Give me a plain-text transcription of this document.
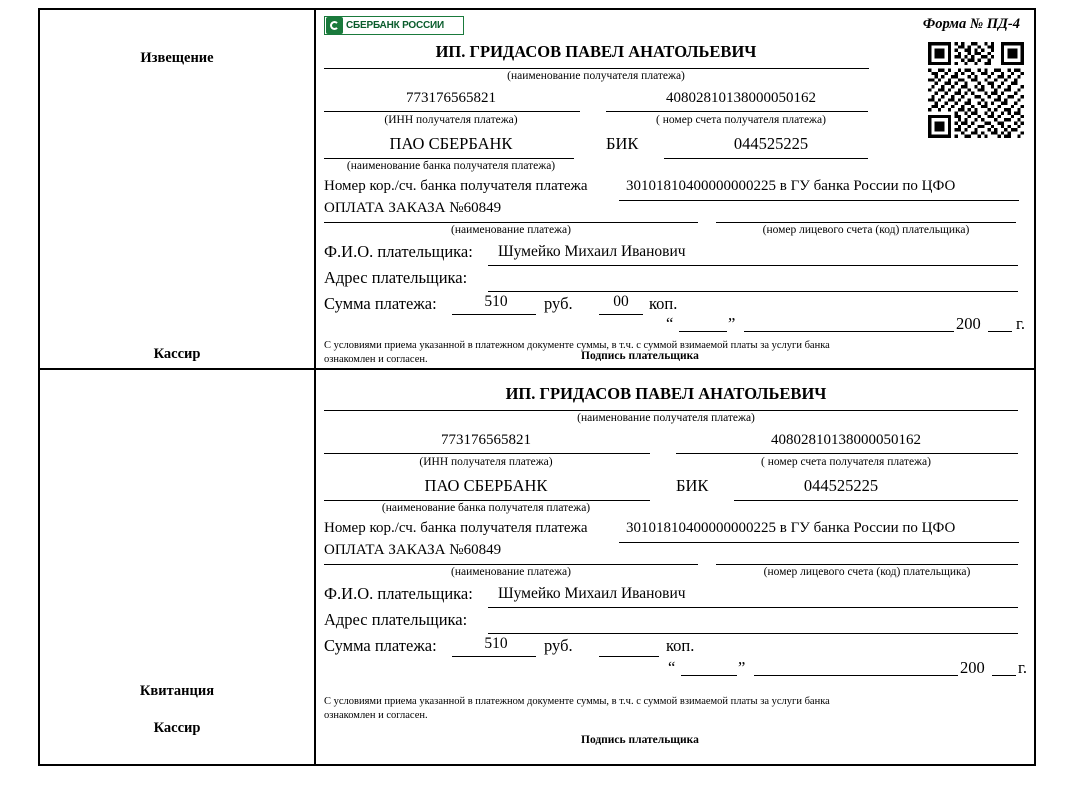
Извещение
Кассир
СБЕРБАНК РОССИИ	Форма № ПД-4
ИП. ГРИДАСОВ ПАВЕЛ АНАТОЛЬЕВИЧ
(наименование получателя платежа)
773176565821	40802810138000050162
(ИНН получателя платежа)	( номер счета получателя платежа)
ПАО СБЕРБАНК	БИК	044525225
(наименование банка получателя платежа)
Номер кор./сч. банка получателя платежа	30101810400000000225 в ГУ банка России по ЦФО
ОПЛАТА ЗАКАЗА №60849
(наименование платежа)	(номер лицевого счета (код) плательщика)
Ф.И.О. плательщика: Шумейко Михаил Иванович
Адрес плательщика:
Сумма платежа:	510	руб.	00	коп.
“	”	200 г.
С условиями приема указанной в платежном документе суммы, в т.ч. с суммой взимаемой платы за услуги банка
ознакомлен и согласен.	Подпись плательщика
Квитанция
Кассир
ИП. ГРИДАСОВ ПАВЕЛ АНАТОЛЬЕВИЧ
(наименование получателя платежа)
773176565821	40802810138000050162
(ИНН получателя платежа)	( номер счета получателя платежа)
ПАО СБЕРБАНК	БИК	044525225
(наименование банка получателя платежа)
Номер кор./сч. банка получателя платежа	30101810400000000225 в ГУ банка России по ЦФО
ОПЛАТА ЗАКАЗА №60849
(наименование платежа)	(номер лицевого счета (код) плательщика)
Ф.И.О. плательщика: Шумейко Михаил Иванович
Адрес плательщика:
Сумма платежа:	510	руб.	коп.
“	”	200 г.
С условиями приема указанной в платежном документе суммы, в т.ч. с суммой взимаемой платы за услуги банка
ознакомлен и согласен.
Подпись плательщика
